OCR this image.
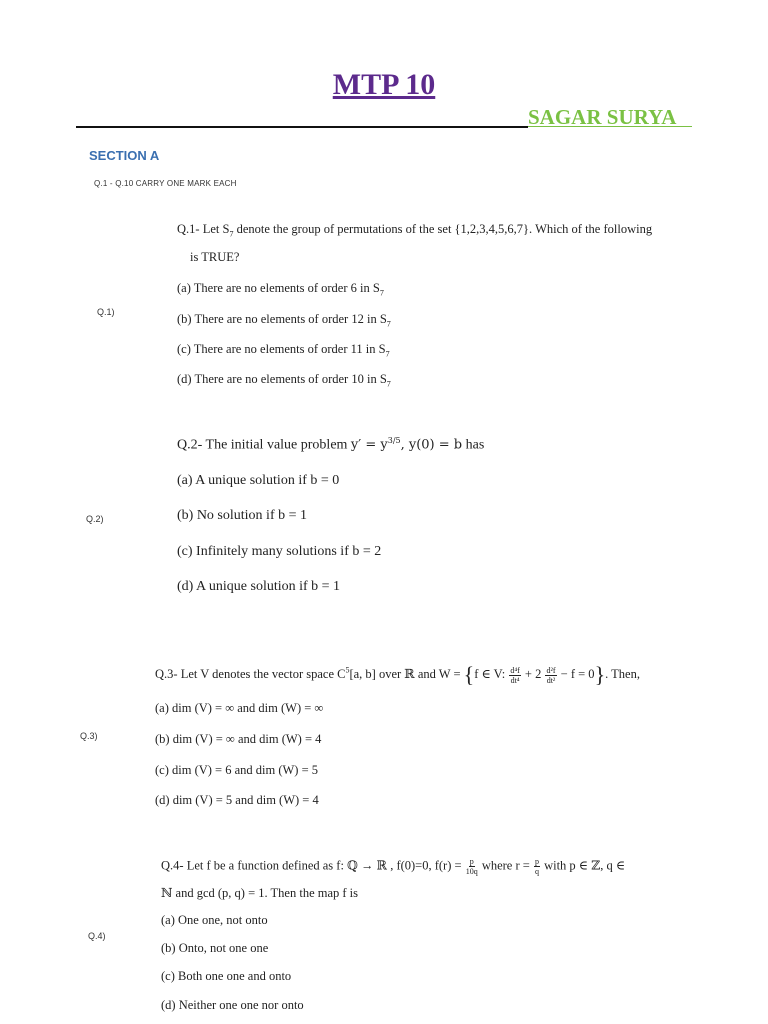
MTP 10
SAGAR SURYA
SECTION A
Q.1 - Q.10 CARRY ONE MARK EACH
Q.1)
Q.1- Let $S_7$ denote the group of permutations of the set {1,2,3,4,5,6,7}. Which of the following
is TRUE?
(a) There are no elements of order 6 in $S_7$
(b) There are no elements of order 12 in $S_7$
(c) There are no elements of order 11 in $S_7$
(d) There are no elements of order 10 in $S_7$
Q.2)
Q.2- The initial value problem $y' = y^{3/5}$, y(0) = b has
(a) A unique solution if b = 0
(b) No solution if b = 1
(c) Infinitely many solutions if b = 2
(d) A unique solution if b = 1
Q.3)
Q.3- Let V denotes the vector space $C^5[a$, b] over ℝ and W = {f ∈ V: $\frac{\text{d⁴f}}{\text{dt⁴}} + 2 \frac{\text{d²f}}{\text{dt²}} - f = 0$}. Then,
(a) dim (V) = ∞ and dim (W) = ∞
(b) dim (V) = ∞ and dim (W) = 4
(c) dim (V) = 6 and dim (W) = 5
(d) dim (V) = 5 and dim (W) = 4
Q.4)
Q.4- Let f be a function defined as f: ℚ → ℝ , f(0)=0, $f(r) = \frac{p}{10q}$ where $r = \frac{p}{q}$ with p ∈ ℤ, q ∈
ℕ and gcd (p, q) = 1. Then the map f is
(a) One one, not onto
(b) Onto, not one one
(c) Both one one and onto
(d) Neither one one nor onto
